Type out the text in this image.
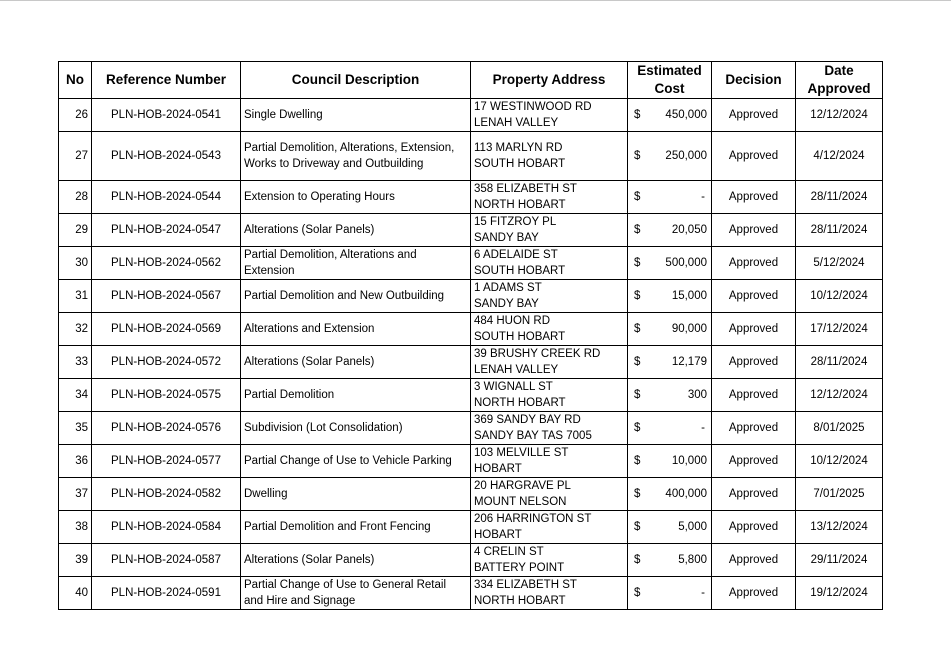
No	Reference Number	Council Description	Property Address	Estimated Cost	Decision	Date Approved
26	PLN-HOB-2024-0541	Single Dwelling	17 WESTINWOOD RD
LENAH VALLEY	$ 450,000	Approved	12/12/2024
27	PLN-HOB-2024-0543	Partial Demolition, Alterations, Extension, Works to Driveway and Outbuilding	113 MARLYN RD
SOUTH HOBART	$ 250,000	Approved	4/12/2024
28	PLN-HOB-2024-0544	Extension to Operating Hours	358 ELIZABETH ST
NORTH HOBART	$ -	Approved	28/11/2024
29	PLN-HOB-2024-0547	Alterations (Solar Panels)	15 FITZROY PL
SANDY BAY	$ 20,050	Approved	28/11/2024
30	PLN-HOB-2024-0562	Partial Demolition, Alterations and Extension	6 ADELAIDE ST
SOUTH HOBART	$ 500,000	Approved	5/12/2024
31	PLN-HOB-2024-0567	Partial Demolition and New Outbuilding	1 ADAMS ST
SANDY BAY	$ 15,000	Approved	10/12/2024
32	PLN-HOB-2024-0569	Alterations and Extension	484 HUON RD
SOUTH HOBART	$ 90,000	Approved	17/12/2024
33	PLN-HOB-2024-0572	Alterations (Solar Panels)	39 BRUSHY CREEK RD
LENAH VALLEY	$ 12,179	Approved	28/11/2024
34	PLN-HOB-2024-0575	Partial Demolition	3 WIGNALL ST
NORTH HOBART	$ 300	Approved	12/12/2024
35	PLN-HOB-2024-0576	Subdivision (Lot Consolidation)	369 SANDY BAY RD
SANDY BAY TAS 7005	$ -	Approved	8/01/2025
36	PLN-HOB-2024-0577	Partial Change of Use to Vehicle Parking	103 MELVILLE ST
HOBART	$ 10,000	Approved	10/12/2024
37	PLN-HOB-2024-0582	Dwelling	20 HARGRAVE PL
MOUNT NELSON	$ 400,000	Approved	7/01/2025
38	PLN-HOB-2024-0584	Partial Demolition and Front Fencing	206 HARRINGTON ST
HOBART	$ 5,000	Approved	13/12/2024
39	PLN-HOB-2024-0587	Alterations (Solar Panels)	4 CRELIN ST
BATTERY POINT	$ 5,800	Approved	29/11/2024
40	PLN-HOB-2024-0591	Partial Change of Use to General Retail and Hire and Signage	334 ELIZABETH ST
NORTH HOBART	$ -	Approved	19/12/2024
